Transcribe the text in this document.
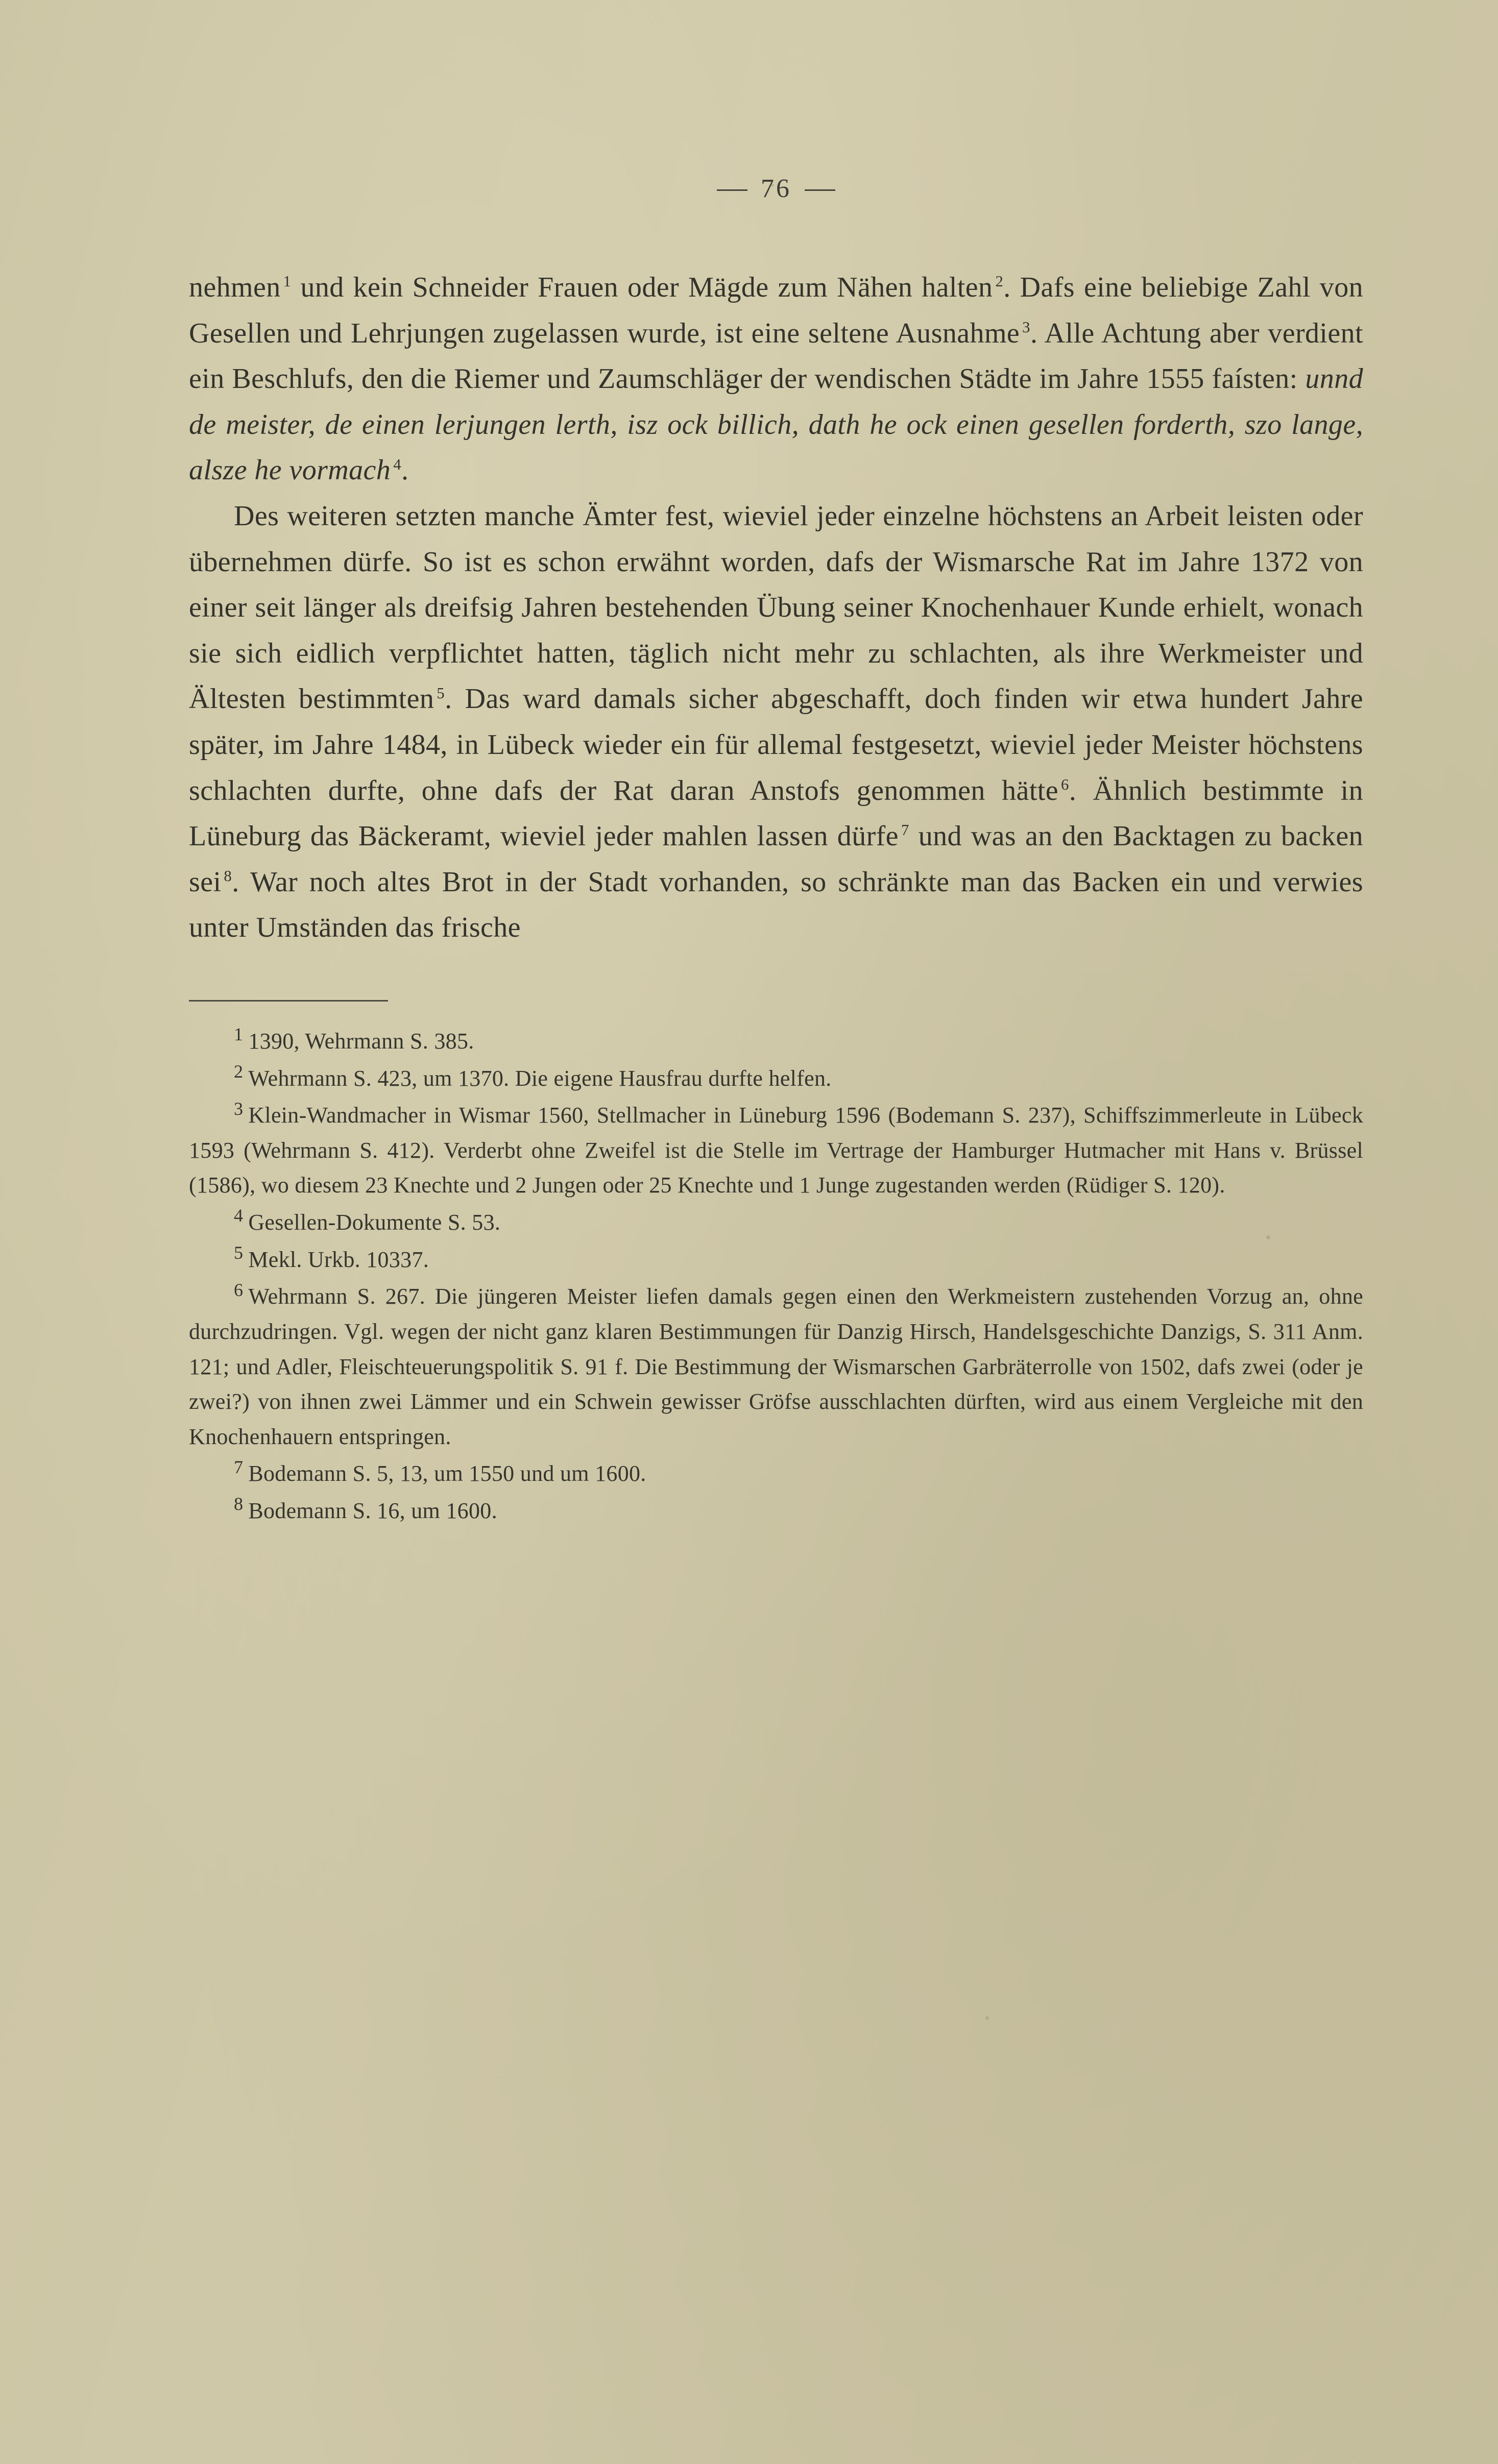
76

nehmen $^1$ und kein Schneider Frauen oder Mägde zum Nähen halten $^2$. Dafs eine beliebige Zahl von Gesellen und Lehrjungen zugelassen wurde, ist eine seltene Ausnahme $^3$. Alle Achtung aber verdient ein Beschlufs, den die Riemer und Zaumschläger der wendischen Städte im Jahre 1555 faísten: unnd de meister, de einen lerjungen lerth, isz ock billich, dath he ock einen gesellen forderth, szo lange, alsze he vormach $^4$.

Des weiteren setzten manche Ämter fest, wieviel jeder einzelne höchstens an Arbeit leisten oder übernehmen dürfe. So ist es schon erwähnt worden, dafs der Wismarsche Rat im Jahre 1372 von einer seit länger als dreifsig Jahren bestehenden Übung seiner Knochenhauer Kunde erhielt, wonach sie sich eidlich verpflichtet hatten, täglich nicht mehr zu schlachten, als ihre Werkmeister und Ältesten bestimmten $^5$. Das ward damals sicher abgeschafft, doch finden wir etwa hundert Jahre später, im Jahre 1484, in Lübeck wieder ein für allemal festgesetzt, wieviel jeder Meister höchstens schlachten durfte, ohne dafs der Rat daran Anstofs genommen hätte $^6$. Ähnlich bestimmte in Lüneburg das Bäckeramt, wieviel jeder mahlen lassen dürfe $^7$ und was an den Backtagen zu backen sei $^8$. War noch altes Brot in der Stadt vorhanden, so schränkte man das Backen ein und verwies unter Umständen das frische

$^1$ 1390, Wehrmann S. 385.

$^2$ Wehrmann S. 423, um 1370. Die eigene Hausfrau durfte helfen.

$^3$ Klein-Wandmacher in Wismar 1560, Stellmacher in Lüneburg 1596 (Bodemann S. 237), Schiffszimmerleute in Lübeck 1593 (Wehrmann S. 412). Verderbt ohne Zweifel ist die Stelle im Vertrage der Hamburger Hutmacher mit Hans v. Brüssel (1586), wo diesem 23 Knechte und 2 Jungen oder 25 Knechte und 1 Junge zugestanden werden (Rüdiger S. 120).

$^4$ Gesellen-Dokumente S. 53.

$^5$ Mekl. Urkb. 10337.

$^6$ Wehrmann S. 267. Die jüngeren Meister liefen damals gegen einen den Werkmeistern zustehenden Vorzug an, ohne durchzudringen. Vgl. wegen der nicht ganz klaren Bestimmungen für Danzig Hirsch, Handelsgeschichte Danzigs, S. 311 Anm. 121; und Adler, Fleischteuerungspolitik S. 91 f. Die Bestimmung der Wismarschen Garbräterrolle von 1502, dafs zwei (oder je zwei?) von ihnen zwei Lämmer und ein Schwein gewisser Gröfse ausschlachten dürften, wird aus einem Vergleiche mit den Knochenhauern entspringen.

$^7$ Bodemann S. 5, 13, um 1550 und um 1600.

$^8$ Bodemann S. 16, um 1600.
